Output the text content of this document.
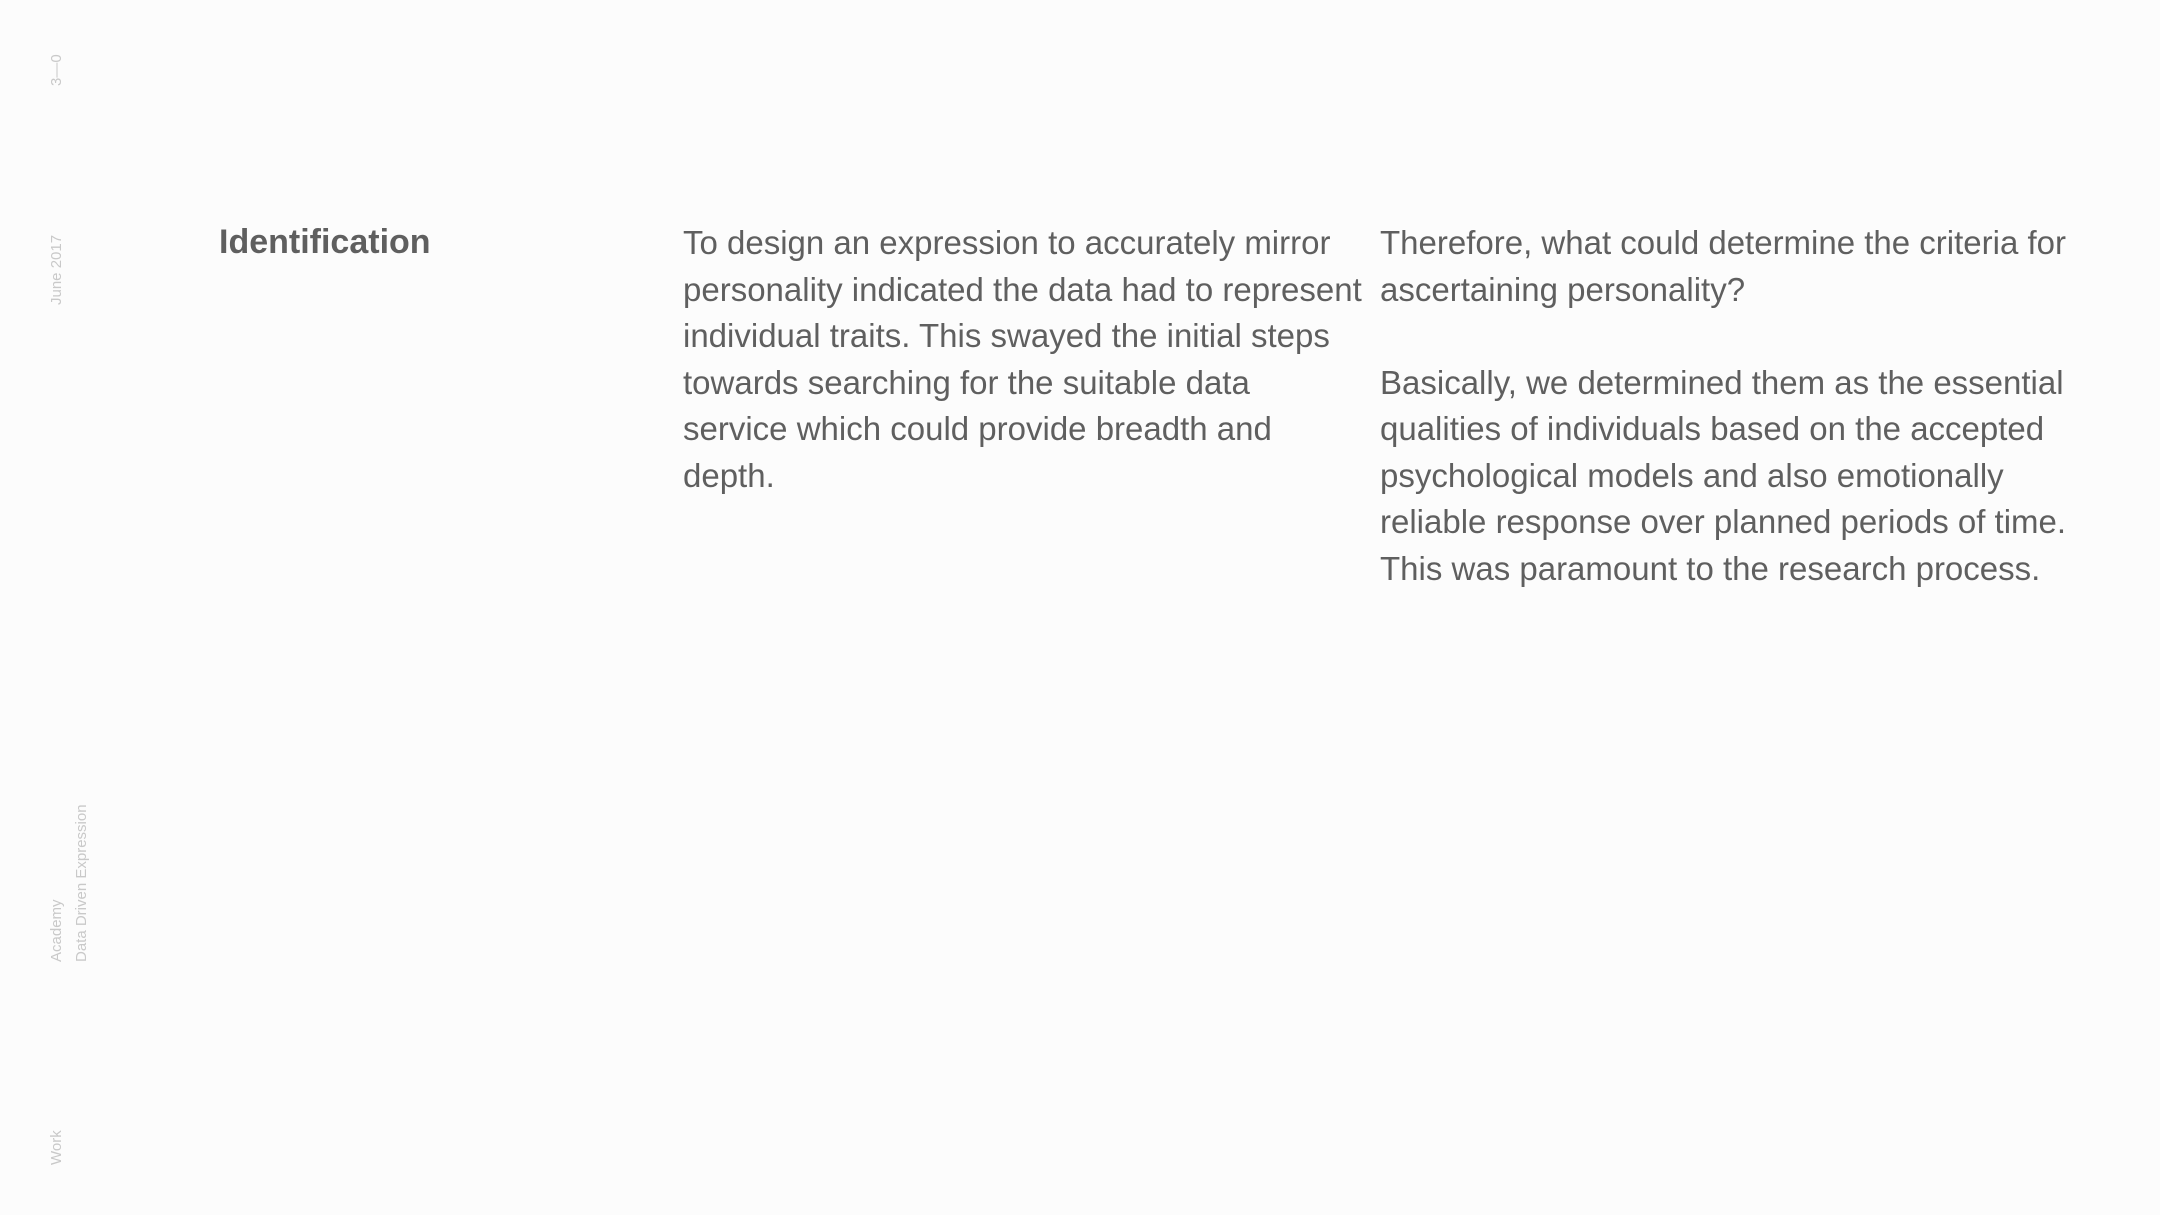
3—0
June 2017
Academy Data Driven Expression
Work
Identification	To design an expression to accurately mirror personality indicated the data had to represent individual traits. This swayed the initial steps towards searching for the suitable data service which could provide breadth and depth.

Therefore, what could determine the criteria for ascertaining personality?

Basically, we determined them as the essential qualities of individuals based on the accepted psychological models and also emotionally reliable response over planned periods of time. This was paramount to the research process.
